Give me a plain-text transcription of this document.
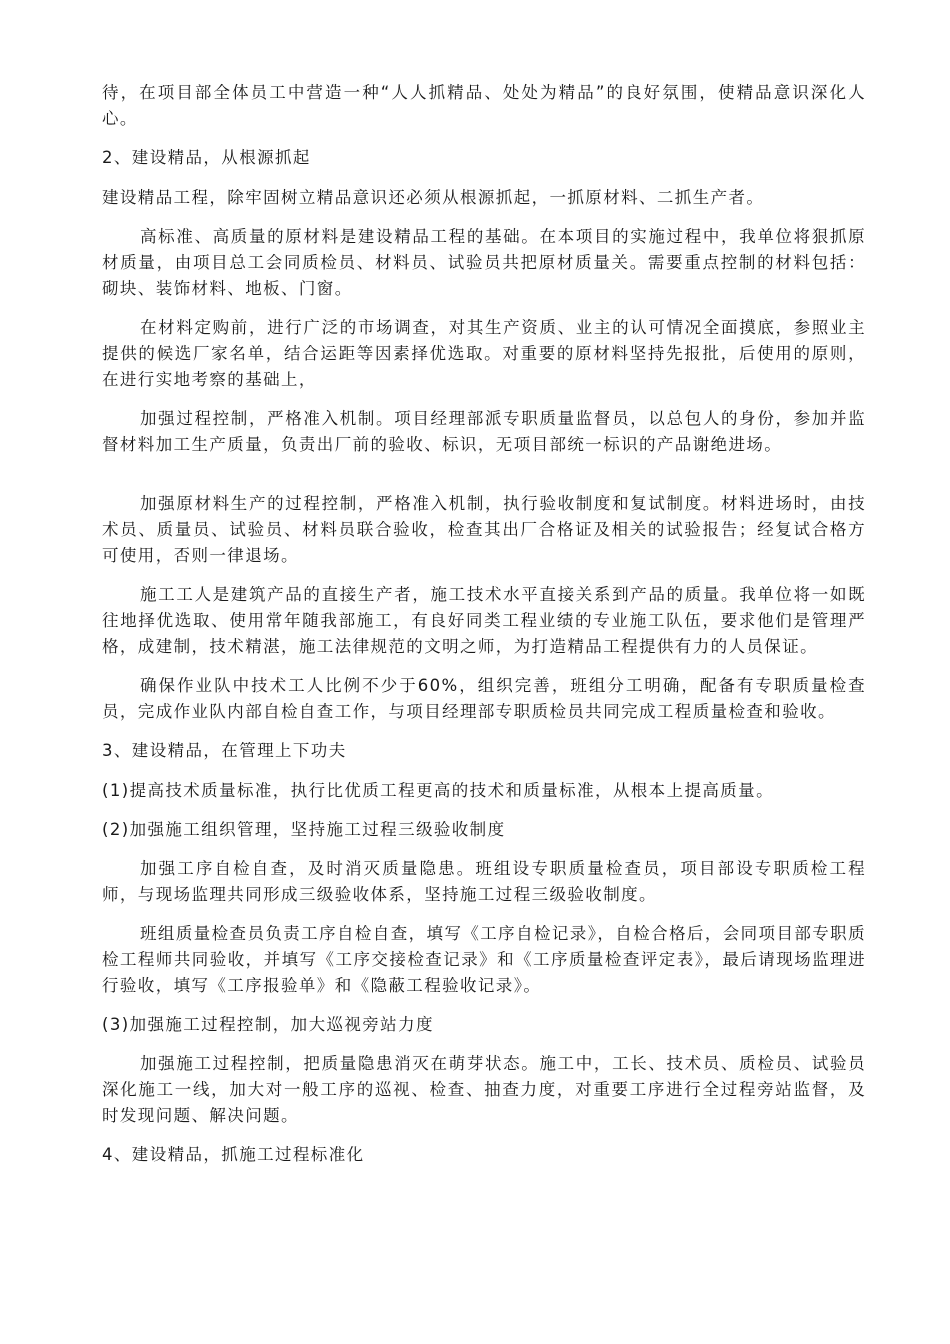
待，在项目部全体员工中营造一种“人人抓精品、处处为精品”的良好氛围，使精品意识深化人心。

2、建设精品，从根源抓起

建设精品工程，除牢固树立精品意识还必须从根源抓起，一抓原材料、二抓生产者。

高标准、高质量的原材料是建设精品工程的基础。在本项目的实施过程中，我单位将狠抓原材质量，由项目总工会同质检员、材料员、试验员共把原材质量关。需要重点控制的材料包括：砌块、装饰材料、地板、门窗。

在材料定购前，进行广泛的市场调查，对其生产资质、业主的认可情况全面摸底，参照业主提供的候选厂家名单，结合运距等因素择优选取。对重要的原材料坚持先报批，后使用的原则，在进行实地考察的基础上，

加强过程控制，严格准入机制。项目经理部派专职质量监督员，以总包人的身份，参加并监督材料加工生产质量，负责出厂前的验收、标识，无项目部统一标识的产品谢绝进场。

加强原材料生产的过程控制，严格准入机制，执行验收制度和复试制度。材料进场时，由技术员、质量员、试验员、材料员联合验收，检查其出厂合格证及相关的试验报告；经复试合格方可使用，否则一律退场。

施工工人是建筑产品的直接生产者，施工技术水平直接关系到产品的质量。我单位将一如既往地择优选取、使用常年随我部施工，有良好同类工程业绩的专业施工队伍，要求他们是管理严格，成建制，技术精湛，施工法律规范的文明之师，为打造精品工程提供有力的人员保证。

确保作业队中技术工人比例不少于60%，组织完善，班组分工明确，配备有专职质量检查员，完成作业队内部自检自查工作，与项目经理部专职质检员共同完成工程质量检查和验收。

3、建设精品，在管理上下功夫

(1)提高技术质量标准，执行比优质工程更高的技术和质量标准，从根本上提高质量。

(2)加强施工组织管理，坚持施工过程三级验收制度

加强工序自检自查，及时消灭质量隐患。班组设专职质量检查员，项目部设专职质检工程师，与现场监理共同形成三级验收体系，坚持施工过程三级验收制度。

班组质量检查员负责工序自检自查，填写《工序自检记录》，自检合格后，会同项目部专职质检工程师共同验收，并填写《工序交接检查记录》和《工序质量检查评定表》，最后请现场监理进行验收，填写《工序报验单》和《隐蔽工程验收记录》。

(3)加强施工过程控制，加大巡视旁站力度

加强施工过程控制，把质量隐患消灭在萌芽状态。施工中，工长、技术员、质检员、试验员深化施工一线，加大对一般工序的巡视、检查、抽查力度，对重要工序进行全过程旁站监督，及时发现问题、解决问题。

4、建设精品，抓施工过程标准化
